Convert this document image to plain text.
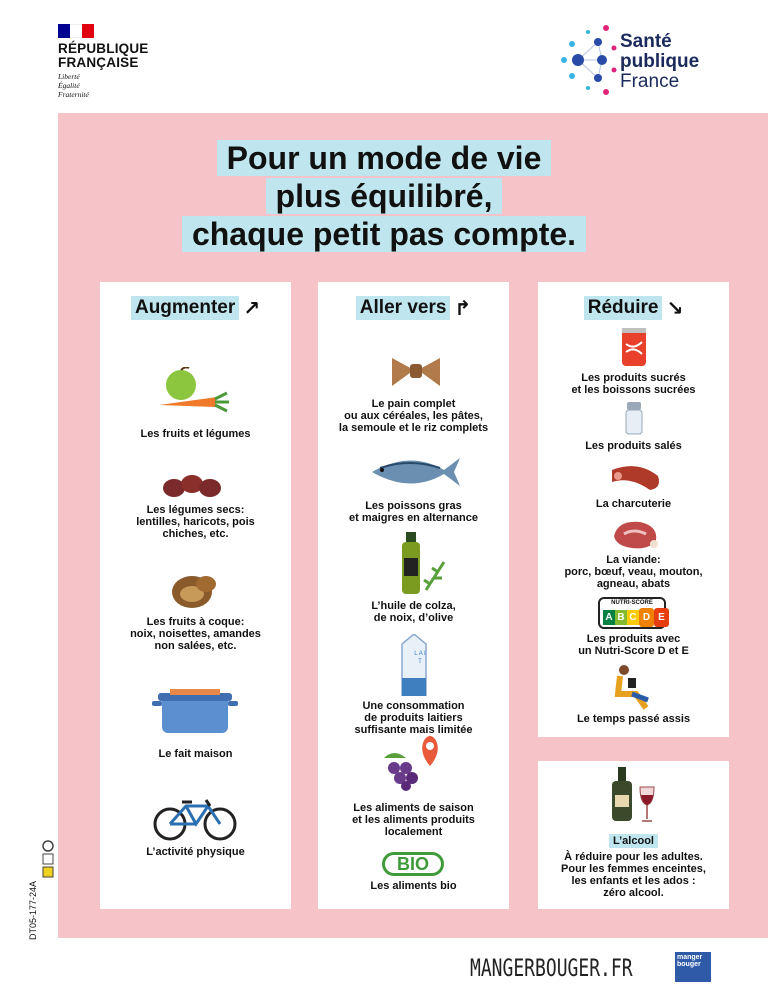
RÉPUBLIQUE
FRANÇAISE
Liberté
Égalité
Fraternité
Santé
publique
France
Pour un mode de vie
plus équilibré,
chaque petit pas compte.
Augmenter ↗
Les fruits et légumes
Les légumes secs:
lentilles, haricots, pois
chiches, etc.
Les fruits à coque:
noix, noisettes, amandes
non salées, etc.
Le fait maison
L’activité physique
Aller vers ↱
Le pain complet
ou aux céréales, les pâtes,
la semoule et le riz complets
Les poissons gras
et maigres en alternance
L’huile de colza,
de noix, d’olive
L A I T
Une consommation
de produits laitiers
suffisante mais limitée
Les aliments de saison
et les aliments produits
localement
BIO
Les aliments bio
Réduire ↘
Les produits sucrés
et les boissons sucrées
Les produits salés
La charcuterie
La viande:
porc, bœuf, veau, mouton,
agneau, abats
NUTRI-SCORE
A B C D E
Les produits avec
un Nutri-Score D et E
Le temps passé assis
L’alcool
À réduire pour les adultes.
Pour les femmes enceintes,
les enfants et les ados :
zéro alcool.
DT05-177-24A
MANGERBOUGER.FR	manger
bouger
